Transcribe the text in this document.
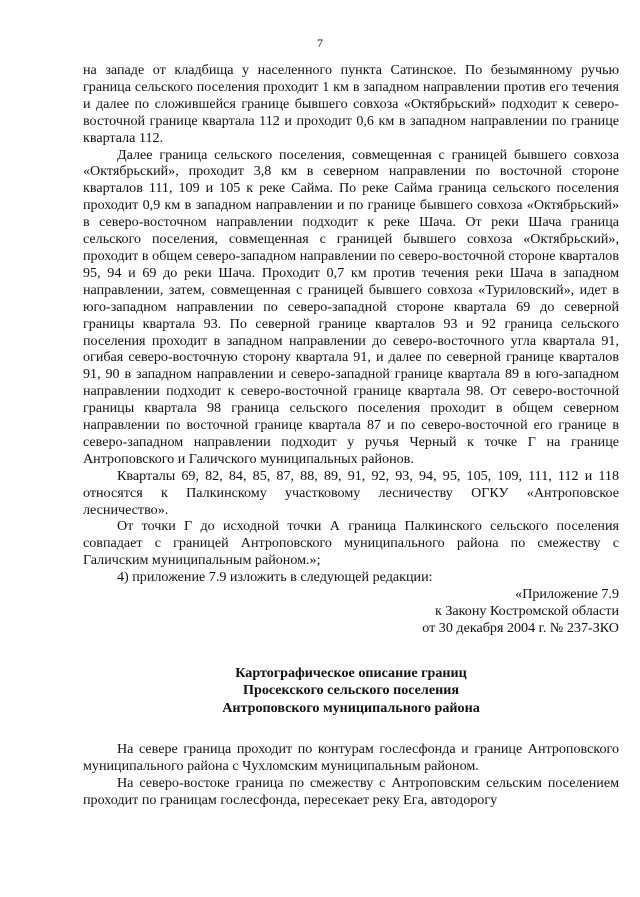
7

на западе от кладбища у населенного пункта Сатинское. По безымянному ручью граница сельского поселения проходит 1 км в западном направлении против его течения и далее по сложившейся границе бывшего совхоза «Октябрьский» подходит к северо-восточной границе квартала 112 и проходит 0,6 км в западном направлении по границе квартала 112.

Далее граница сельского поселения, совмещенная с границей бывшего совхоза «Октябрьский», проходит 3,8 км в северном направлении по восточной стороне кварталов 111, 109 и 105 к реке Сайма. По реке Сайма граница сельского поселения проходит 0,9 км в западном направлении и по границе бывшего совхоза «Октябрьский» в северо-восточном направлении подходит к реке Шача. От реки Шача граница сельского поселения, совмещенная с границей бывшего совхоза «Октябрьский», проходит в общем северо-западном направлении по северо-восточной стороне кварталов 95, 94 и 69 до реки Шача. Проходит 0,7 км против течения реки Шача в западном направлении, затем, совмещенная с границей бывшего совхоза «Туриловский», идет в юго-западном направлении по северо-западной стороне квартала 69 до северной границы квартала 93. По северной границе кварталов 93 и 92 граница сельского поселения проходит в западном направлении до северо-восточного угла квартала 91, огибая северо-восточную сторону квартала 91, и далее по северной границе кварталов 91, 90 в западном направлении и северо-западной границе квартала 89 в юго-западном направлении подходит к северо-восточной границе квартала 98. От северо-восточной границы квартала 98 граница сельского поселения проходит в общем северном направлении по восточной границе квартала 87 и по северо-восточной его границе в северо-западном направлении подходит у ручья Черный к точке Г на границе Антроповского и Галичского муниципальных районов.

Кварталы 69, 82, 84, 85, 87, 88, 89, 91, 92, 93, 94, 95, 105, 109, 111, 112 и 118 относятся к Палкинскому участковому лесничеству ОГКУ «Антроповское лесничество».

От точки Г до исходной точки А граница Палкинского сельского поселения совпадает с границей Антроповского муниципального района по смежеству с Галичским муниципальным районом.»;

4) приложение 7.9 изложить в следующей редакции:

«Приложение 7.9
к Закону Костромской области
от 30 декабря 2004 г. № 237-ЗКО
Картографическое описание границ
Просекского сельского поселения
Антроповского муниципального района

На севере граница проходит по контурам гослесфонда и границе Антроповского муниципального района с Чухломским муниципальным районом.

На северо-востоке граница по смежеству с Антроповским сельским поселением проходит по границам гослесфонда, пересекает реку Ега, автодорогу
